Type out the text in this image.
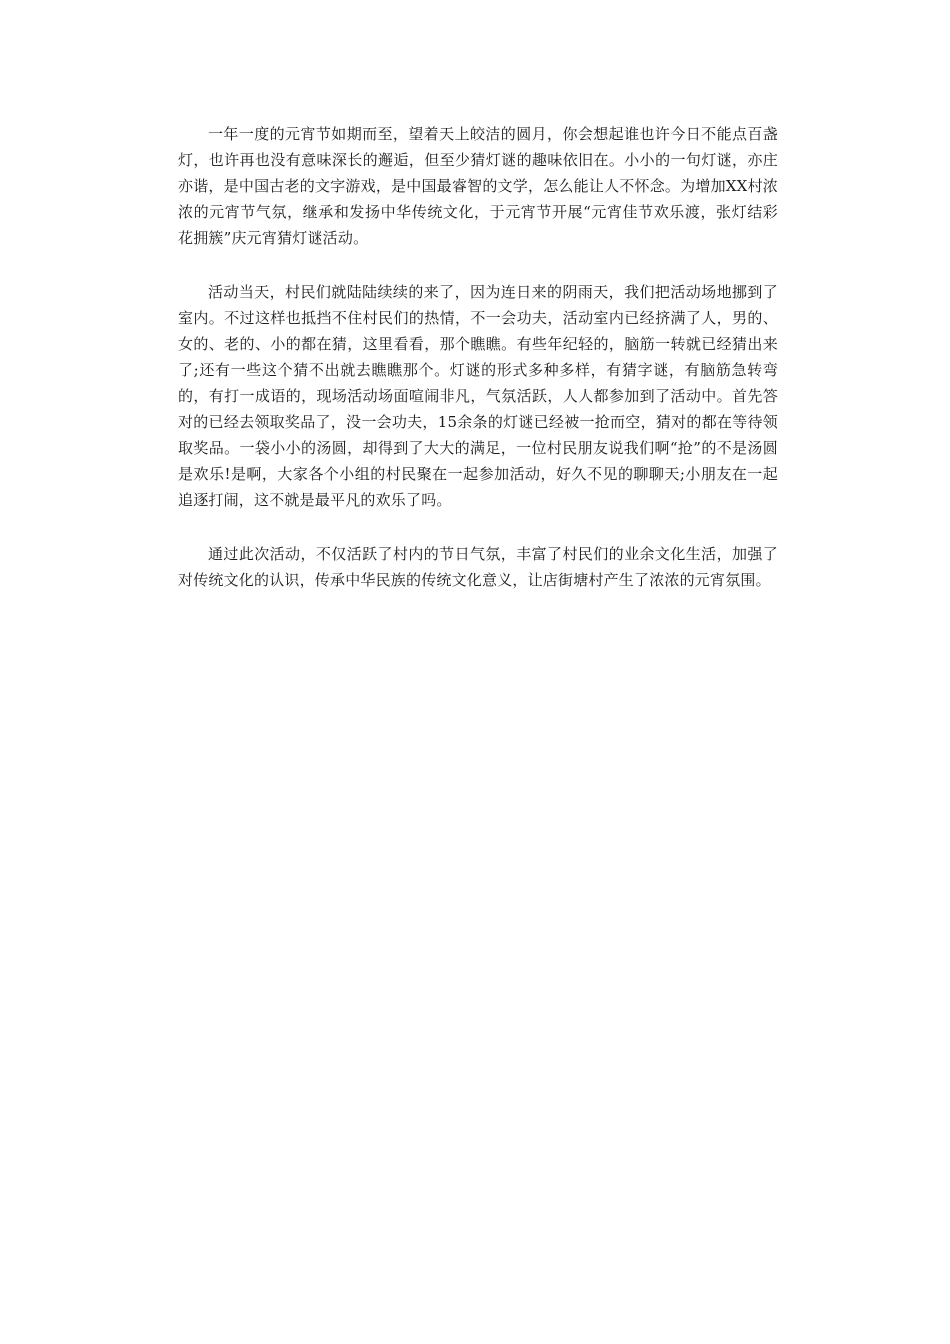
一年一度的元宵节如期而至，望着天上皎洁的圆月，你会想起谁也许今日不能点百盏灯，也许再也没有意味深长的邂逅，但至少猜灯谜的趣味依旧在。小小的一句灯谜，亦庄亦谐，是中国古老的文字游戏，是中国最睿智的文学，怎么能让人不怀念。为增加XX村浓浓的元宵节气氛，继承和发扬中华传统文化，于元宵节开展“元宵佳节欢乐渡，张灯结彩花拥簇”庆元宵猜灯谜活动。

活动当天，村民们就陆陆续续的来了，因为连日来的阴雨天，我们把活动场地挪到了室内。不过这样也抵挡不住村民们的热情，不一会功夫，活动室内已经挤满了人，男的、女的、老的、小的都在猜，这里看看，那个瞧瞧。有些年纪轻的，脑筋一转就已经猜出来了;还有一些这个猜不出就去瞧瞧那个。灯谜的形式多种多样，有猜字谜，有脑筋急转弯的，有打一成语的，现场活动场面喧闹非凡，气氛活跃，人人都参加到了活动中。首先答对的已经去领取奖品了，没一会功夫，15余条的灯谜已经被一抢而空，猜对的都在等待领取奖品。一袋小小的汤圆，却得到了大大的满足，一位村民朋友说我们啊“抢”的不是汤圆是欢乐!是啊，大家各个小组的村民聚在一起参加活动，好久不见的聊聊天;小朋友在一起追逐打闹，这不就是最平凡的欢乐了吗。

通过此次活动，不仅活跃了村内的节日气氛，丰富了村民们的业余文化生活，加强了对传统文化的认识，传承中华民族的传统文化意义，让店街塘村产生了浓浓的元宵氛围。
